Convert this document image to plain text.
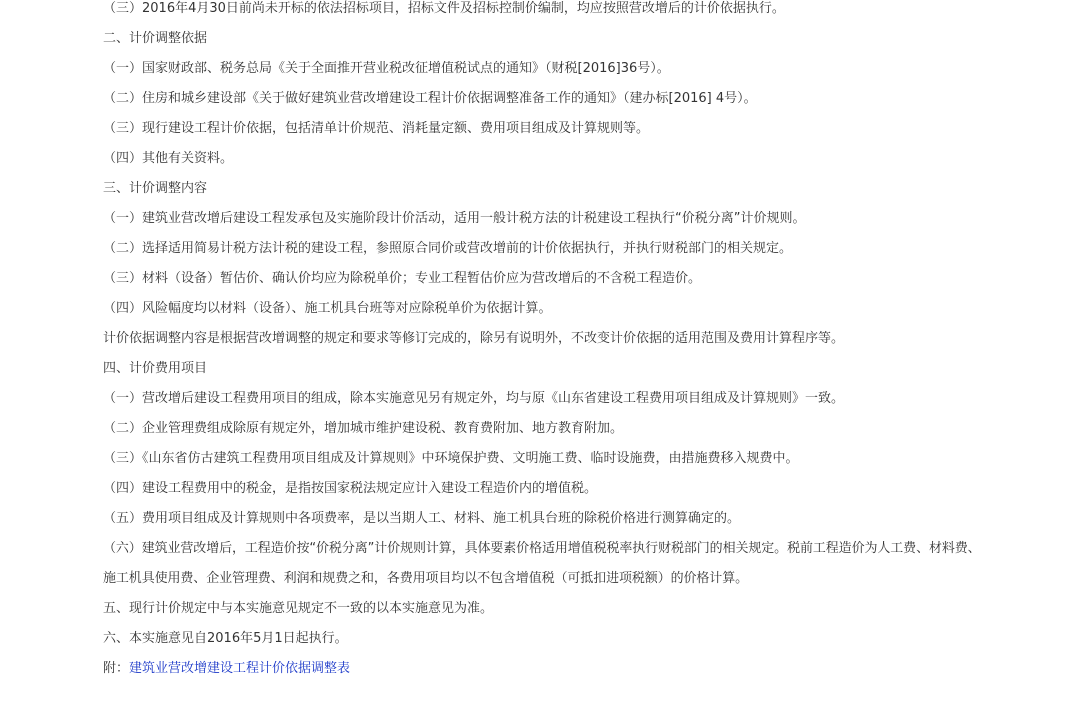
（三）2016年4月30日前尚未开标的依法招标项目，招标文件及招标控制价编制，均应按照营改增后的计价依据执行。
二、计价调整依据
（一）国家财政部、税务总局《关于全面推开营业税改征增值税试点的通知》（财税[2016]36号）。
（二）住房和城乡建设部《关于做好建筑业营改增建设工程计价依据调整准备工作的通知》（建办标[2016] 4号）。
（三）现行建设工程计价依据，包括清单计价规范、消耗量定额、费用项目组成及计算规则等。
（四）其他有关资料。
三、计价调整内容
（一）建筑业营改增后建设工程发承包及实施阶段计价活动，适用一般计税方法的计税建设工程执行“价税分离”计价规则。
（二）选择适用简易计税方法计税的建设工程，参照原合同价或营改增前的计价依据执行，并执行财税部门的相关规定。
（三）材料（设备）暂估价、确认价均应为除税单价；专业工程暂估价应为营改增后的不含税工程造价。
（四）风险幅度均以材料（设备）、施工机具台班等对应除税单价为依据计算。
计价依据调整内容是根据营改增调整的规定和要求等修订完成的，除另有说明外，不改变计价依据的适用范围及费用计算程序等。
四、计价费用项目
（一）营改增后建设工程费用项目的组成，除本实施意见另有规定外，均与原《山东省建设工程费用项目组成及计算规则》一致。
（二）企业管理费组成除原有规定外，增加城市维护建设税、教育费附加、地方教育附加。
（三）《山东省仿古建筑工程费用项目组成及计算规则》中环境保护费、文明施工费、临时设施费，由措施费移入规费中。
（四）建设工程费用中的税金，是指按国家税法规定应计入建设工程造价内的增值税。
（五）费用项目组成及计算规则中各项费率，是以当期人工、材料、施工机具台班的除税价格进行测算确定的。
（六）建筑业营改增后，工程造价按“价税分离”计价规则计算，具体要素价格适用增值税税率执行财税部门的相关规定。税前工程造价为人工费、材料费、施工机具使用费、企业管理费、利润和规费之和，各费用项目均以不包含增值税（可抵扣进项税额）的价格计算。
五、现行计价规定中与本实施意见规定不一致的以本实施意见为准。
六、本实施意见自2016年5月1日起执行。
附：建筑业营改增建设工程计价依据调整表
